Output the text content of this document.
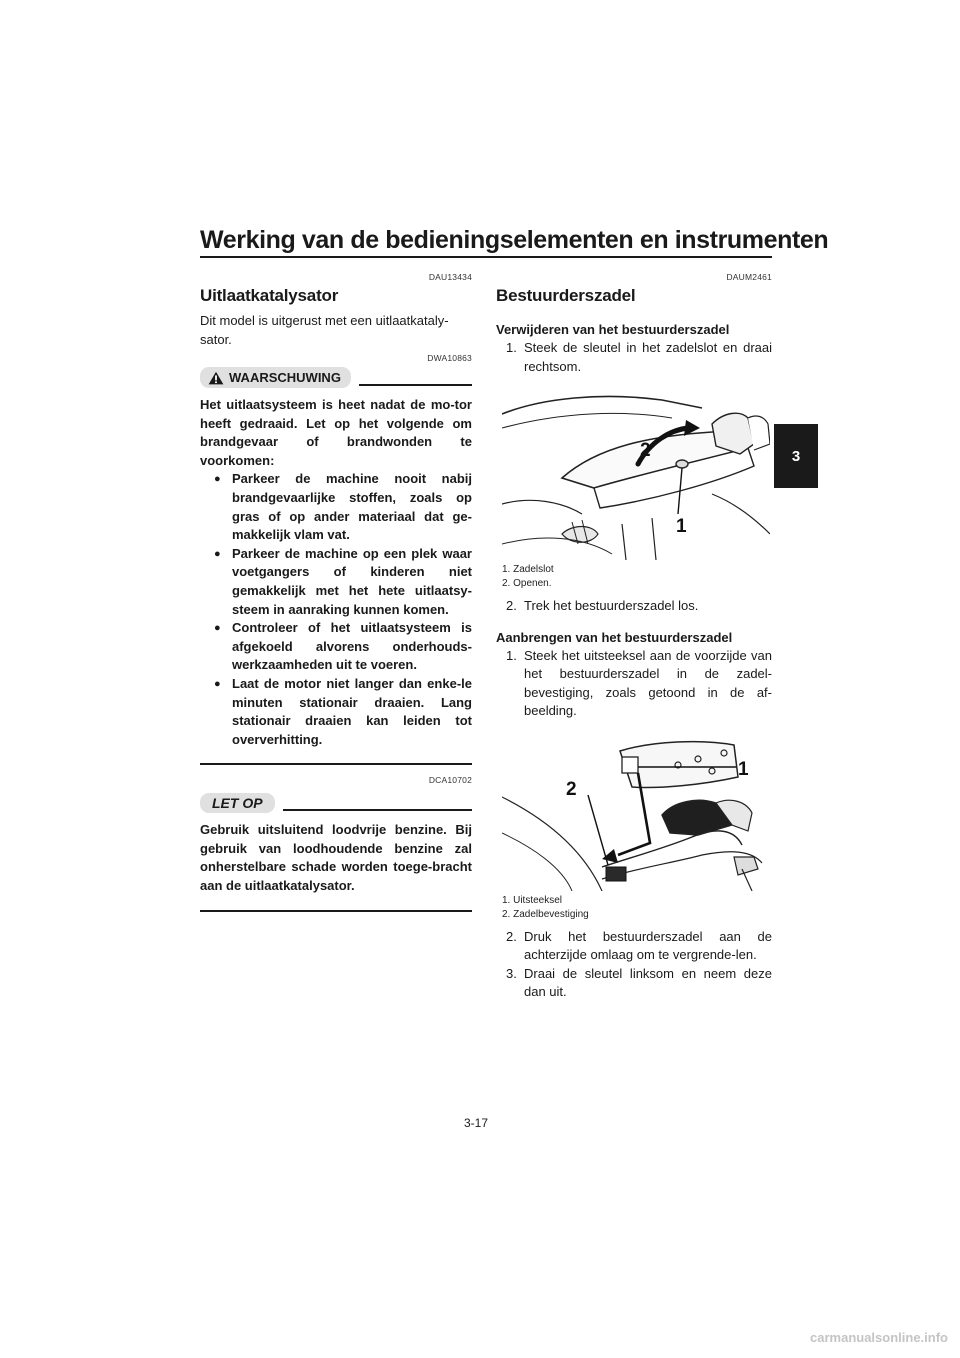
Werking van de bedieningselementen en instrumenten
3
DAU13434
Uitlaatkatalysator

Dit model is uitgerust met een uitlaatkataly-sator.

DWA10863
WAARSCHUWING

Het uitlaatsysteem is heet nadat de mo-tor heeft gedraaid. Let op het volgende om brandgevaar of brandwonden te voorkomen:

● Parkeer de machine nooit nabij brandgevaarlijke stoffen, zoals op gras of op ander materiaal dat ge-makkelijk vlam vat.
● Parkeer de machine op een plek waar voetgangers of kinderen niet gemakkelijk met het hete uitlaatsy-steem in aanraking kunnen komen.
● Controleer of het uitlaatsysteem is afgekoeld alvorens onderhouds-werkzaamheden uit te voeren.
● Laat de motor niet langer dan enke-le minuten stationair draaien. Lang stationair draaien kan leiden tot oververhitting.
DCA10702
LET OP

Gebruik uitsluitend loodvrije benzine. Bij gebruik van loodhoudende benzine zal onherstelbare schade worden toege-bracht aan de uitlaatkatalysator.

DAUM2461
Bestuurderszadel
Verwijderen van het bestuurderszadel
1. Steek de sleutel in het zadelslot en draai rechtsom.
2
1
1. Zadelslot
2. Openen.
2. Trek het bestuurderszadel los.
Aanbrengen van het bestuurderszadel
1. Steek het uitsteeksel aan de voorzijde van het bestuurderszadel in de zadel-bevestiging, zoals getoond in de af-beelding.
1
2
1. Uitsteeksel
2. Zadelbevestiging
2. Druk het bestuurderszadel aan de achterzijde omlaag om te vergrende-len.
3. Draai de sleutel linksom en neem deze dan uit.
3-17
carmanualsonline.info
